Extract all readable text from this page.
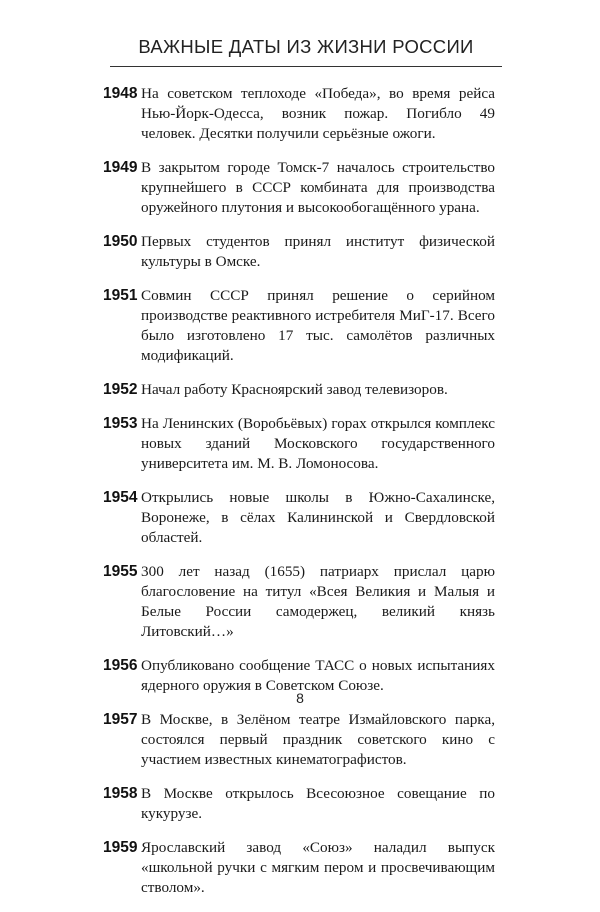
ВАЖНЫЕ ДАТЫ ИЗ ЖИЗНИ РОССИИ
1948 На советском теплоходе «Победа», во время рейса Нью-Йорк-Одесса, возник пожар. Погибло 49 человек. Десятки получили серьёзные ожоги.
1949 В закрытом городе Томск-7 началось строительство крупнейшего в СССР комбината для производства оружейного плутония и высокообогащённого урана.
1950 Первых студентов принял институт физической культуры в Омске.
1951 Совмин СССР принял решение о серийном производстве реактивного истребителя МиГ-17. Всего было изготовлено 17 тыс. самолётов различных модификаций.
1952 Начал работу Красноярский завод телевизоров.
1953 На Ленинских (Воробьёвых) горах открылся комплекс новых зданий Московского государственного университета им. М. В. Ломоносова.
1954 Открылись новые школы в Южно-Сахалинске, Воронеже, в сёлах Калининской и Свердловской областей.
1955 300 лет назад (1655) патриарх прислал царю благословение на титул «Всея Великия и Малыя и Белые России самодержец, великий князь Литовский…»
1956 Опубликовано сообщение ТАСС о новых испытаниях ядерного оружия в Советском Союзе.
1957 В Москве, в Зелёном театре Измайловского парка, состоялся первый праздник советского кино с участием известных кинематографистов.
1958 В Москве открылось Всесоюзное совещание по кукурузе.
1959 Ярославский завод «Союз» наладил выпуск «школьной ручки с мягким пером и просвечивающим стволом».
8
